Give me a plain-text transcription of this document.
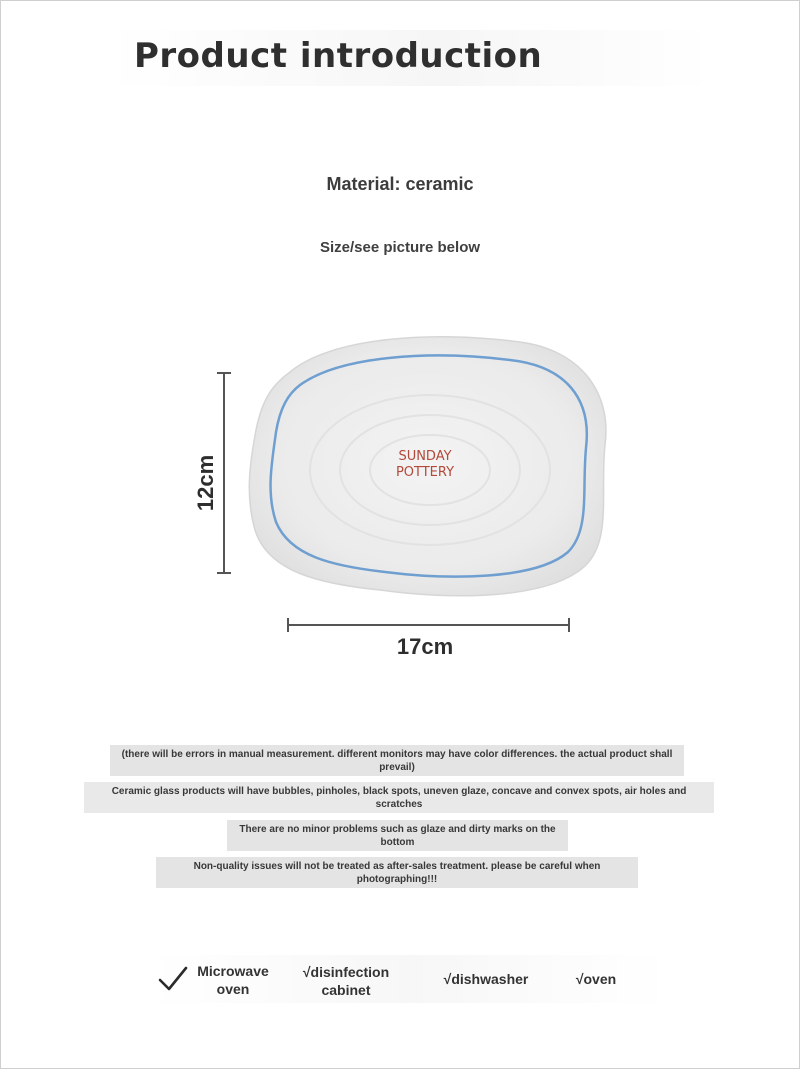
Product introduction
Material: ceramic
Size/see picture below
SUNDAY
POTTERY
12cm
17cm
(there will be errors in manual measurement. different monitors may have color differences. the actual product shall prevail)
Ceramic glass products will have bubbles, pinholes, black spots, uneven glaze, concave and convex spots, air holes and scratches
There are no minor problems such as glaze and dirty marks on the bottom
Non-quality issues will not be treated as after-sales treatment. please be careful when photographing!!!
Microwave oven
√disinfection cabinet
√dishwasher	√oven
